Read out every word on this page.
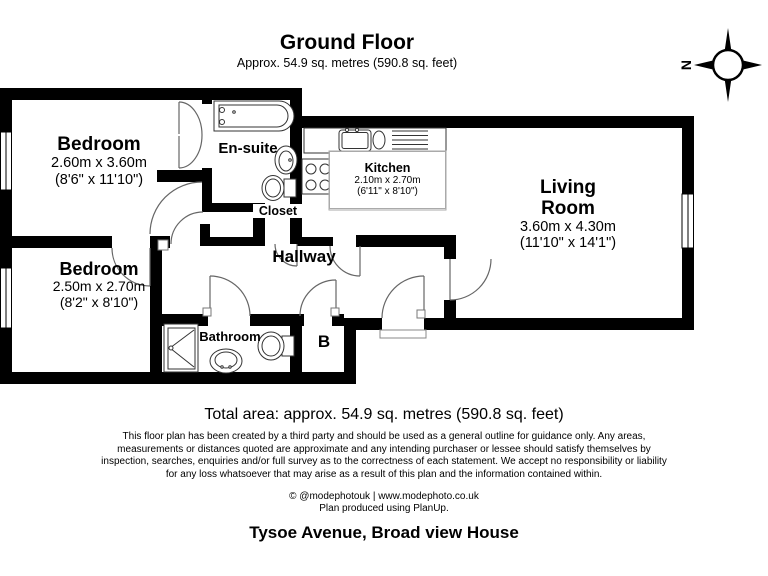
N
Ground Floor
Approx. 54.9 sq. metres (590.8 sq. feet)
Bedroom
2.60m x 3.60m
(8'6" x 11'10")
En-suite
Kitchen
2.10m x 2.70m
(6'11" x 8'10")	Living
Room
3.60m x 4.30m
(11'10" x 14'1")
Closet
Hallway
Bedroom
2.50m x 2.70m
(8'2" x 8'10")
Bathroom	B
Total area: approx. 54.9 sq. metres (590.8 sq. feet)
This floor plan has been created by a third party and should be used as a general outline for guidance only. Any areas, measurements or distances quoted are approximate and any intending purchaser or lessee should satisfy themselves by inspection, searches, enquiries and/or full survey as to the correctness of each statement. We accept no responsibility or liability for any loss whatsoever that may arise as a result of this plan and the information contained within.
© @modephotouk | www.modephoto.co.uk
Plan produced using PlanUp.
Tysoe Avenue, Broad view House
